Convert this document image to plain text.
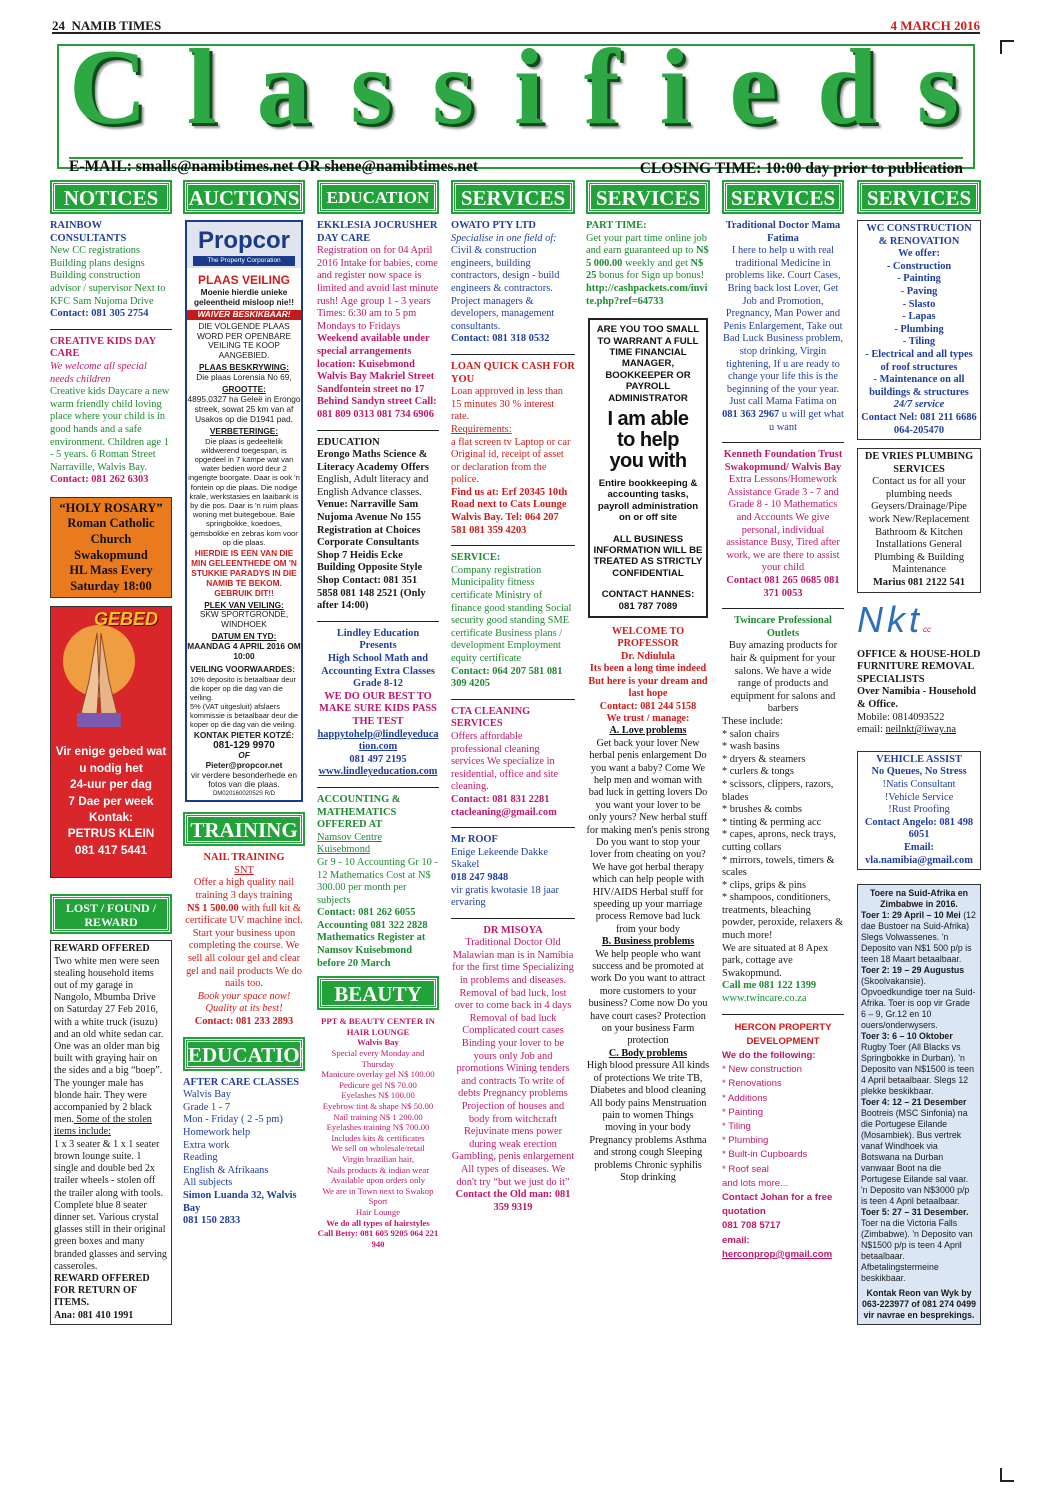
24 NAMIB TIMES	4 MARCH 2016
C l a s s i f i e d s
E-MAIL: smalls@namibtimes.net OR shene@namibtimes.net	CLOSING TIME: 10:00 day prior to publication
NOTICES

RAINBOW CONSULTANTS

New CC registrations Building plans designs Building construction advisor / supervisor Next to KFC Sam Nujoma Drive

Contact: 081 305 2754

CREATIVE KIDS DAY CARE

We welcome all special needs children

Creative kids Daycare a new warm friendly child loving place where your child is in good hands and a safe environment. Children age 1 - 5 years. 6 Roman Street Narraville, Walvis Bay.

Contact: 081 262 6303

“HOLY ROSARY”

Roman Catholic Church

Swakopmund

HL Mass Every

Saturday 18:00

GEBED

Vir enige gebed wat

u nodig het

24-uur per dag

7 Dae per week

Kontak:

PETRUS KLEIN

081 417 5441

LOST / FOUND / REWARD OFFERED

REWARD OFFERED

Two white men were seen stealing household items out of my garage in Nangolo, Mbumba Drive on Saturday 27 Feb 2016, with a white truck (isuzu) and an old white sedan car. One was an older man big built with graying hair on the sides and a big “boep”. The younger male has blonde hair. They were accompanied by 2 black men. Some of the stolen items include:

1 x 3 seater & 1 x 1 seater brown lounge suite. 1 single and double bed 2x trailer wheels - stolen off the trailer along with tools. Complete blue 8 seater dinner set. Various crystal glasses still in their original green boxes and many branded glasses and serving casseroles.

REWARD OFFERED FOR RETURN OF ITEMS.

Ana: 081 410 1991

AUCTIONS

Propcor

The Property Corporation

PLAAS VEILING

Moenie hierdie unieke geleentheid misloop nie!!

WAIVER BESKIKBAAR!

DIE VOLGENDE PLAAS WORD PER OPENBARE VEILING TE KOOP AANGEBIED.

PLAAS BESKRYWING:

Die plaas Lorensia No 69,

GROOTTE:

4895.0327 ha Geleë in Erongo streek, sowat 25 km van af Usakos op die D1941 pad.

VERBETERINGE:

Die plaas is gedeeltelik wildwerend toegespan, is opgedeel in 7 kampe wat van water bedien word deur 2 ingerigte boorgate. Daar is ook 'n fontein op die plaas. Die nodige krale, werkstasies en laaibank is by die pos. Daar is 'n ruim plaas woning met buitegeboue. Baie springbokke, koedoes, gemsbokke en zebras kom voor op die plaas.

HIERDIE IS EEN VAN DIE MIN GELEENTHEDE OM 'N STUKKIE PARADYS IN DIE NAMIB TE BEKOM. GEBRUIK DIT!!

PLEK VAN VEILING:

SKW SPORTGRONDE, WINDHOEK

DATUM EN TYD:

MAANDAG 4 APRIL 2016 OM 10:00

VEILING VOORWAARDES:

10% deposito is betaalbaar deur die koper op die dag van die veiling.

5% (VAT uitgesluit) afslaers kommissie is betaalbaar deur die koper op die dag van die veiling.

KONTAK PIETER KOTZÉ:

081-129 9970

OF

Pieter@propcor.net

vir verdere besonderhede en fotos van die plaas.

DM02016002052S R/D

TRAINING

NAIL TRAINING

SNT

Offer a high quality nail training 3 days training

N$ 1 500.00 with full kit & certificate UV machine incl.

Start your business upon completing the course. We sell all colour gel and clear gel and nail products We do nails too.

Book your space now! Quality at its best!

Contact: 081 233 2893

EDUCATION

AFTER CARE CLASSES

Walvis Bay

Grade 1 - 7

Mon - Friday ( 2 -5 pm)

Homework help

Extra work

Reading

English & Afrikaans

All subjects

Simon Luanda 32, Walvis Bay

081 150 2833

EDUCATION

EKKLESIA JOCRUSHER DAY CARE

Registration on for 04 April 2016 Intake for babies, come and register now space is limited and avoid last minute rush! Age group 1 - 3 years Times: 6:30 am to 5 pm Mondays to Fridays

Weekend available under special arrangements location: Kuisebmond Walvis Bay Makriel Street Sandfontein street no 17 Behind Sandyn street Call: 081 809 0313 081 734 6906

EDUCATION

Erongo Maths Science & Literacy Academy Offers

English, Adult literacy and English Advance classes.

Venue: Narraville Sam Nujoma Avenue No 155 Registration at Choices Corporate Consultants Shop 7 Heidis Ecke Building Opposite Style Shop Contact: 081 351 5858 081 148 2521 (Only after 14:00)

Lindley Education Presents

High School Math and Accounting Extra Classes

Grade 8-12

WE DO OUR BEST TO MAKE SURE KIDS PASS THE TEST

happytohelp@lindleyeducation.com

081 497 2195

www.lindleyeducation.com

ACCOUNTING & MATHEMATICS OFFERED AT

Namsov Centre

Kuisebmond

Gr 9 - 10 Accounting Gr 10 - 12 Mathematics Cost at N$ 300.00 per month per subjects

Contact: 081 262 6055 Accounting 081 322 2828 Mathematics Register at Namsov Kuisebmond before 20 March

BEAUTY

PPT & BEAUTY CENTER IN HAIR LOUNGE

Walvis Bay

Special every Monday and Thursday

Manicure overlay gel N$ 100.00

Pedicure gel N$ 70.00

Eyelashes N$ 100.00

Eyebrow tint & shape N$ 50.00

Nail training N$ 1 200.00

Eyelashes training N$ 700.00

Includes kits & certificates

We sell on wholesale/retail

Virgin brazilian hair,

Nails products & indian wear

Available upon orders only

We are in Town next to Swakop Sport

Hair Lounge

We do all types of hairstyles

Call Betty: 081 605 9205 064 221 940

SERVICES

OWATO PTY LTD

Specialise in one field of:

Civil & construction engineers, building contractors, design - build engineers & contractors. Project managers & developers, management consultants.

Contact: 081 318 0532

LOAN QUICK CASH FOR YOU

Loan approved in less than 15 minutes 30 % interest rate.

Requirements:

a flat screen tv Laptop or car Original id, receipt of asset or declaration from the police.

Find us at: Erf 20345 10th Road next to Cats Lounge Walvis Bay. Tel: 064 207 581 081 359 4203

SERVICE:

Company registration Municipality fitness certificate Ministry of finance good standing Social security good standing SME certificate Business plans / development Employment equity certificate

Contact: 064 207 581 081 309 4205

CTA CLEANING SERVICES

Offers affordable professional cleaning services We specialize in residential, office and site cleaning.

Contact: 081 831 2281 ctacleaning@gmail.com

Mr ROOF

Enige Lekeende Dakke Skakel

018 247 9848

vir gratis kwotasie 18 jaar ervaring

DR MISOYA

Traditional Doctor Old Malawian man is in Namibia for the first time Specializing in problems and diseases. Removal of bad luck, lost over to come back in 4 days Removal of bad luck Complicated court cases Binding your lover to be yours only Job and promotions Wining tenders and contracts To write of debts Pregnancy problems Projection of houses and body from witchcraft Rejuvinate mens power during weak erection Gambling, penis enlargement All types of diseases. We don't try “but we just do it”

Contact the Old man: 081 359 9319

SERVICES

PART TIME:

Get your part time online job and earn guaranteed up to N$ 5 000.00 weekly and get N$ 25 bonus for Sign up bonus!

http://cashpackets.com/invite.php?ref=64733

ARE YOU TOO SMALL TO WARRANT A FULL TIME FINANCIAL MANAGER, BOOKKEEPER OR PAYROLL ADMINISTRATOR

I am able to help you with

Entire bookkeeping & accounting tasks, payroll administration on or off site

ALL BUSINESS INFORMATION WILL BE TREATED AS STRICTLY CONFIDENTIAL

CONTACT HANNES: 081 787 7089

WELCOME TO PROFESSOR

Dr. Ndiulula

Its been a long time indeed

But here is your dream and last hope

Contact: 081 244 5158

We trust / manage:

A. Love problems

Get back your lover New herbal penis enlargement Do you want a baby? Come We help men and woman with bad luck in getting lovers Do you want your lover to be only yours? New herbal stuff for making men's penis strong Do you want to stop your lover from cheating on you? We have got herbal therapy which can help people with HIV/AIDS Herbal stuff for speeding up your marriage process Remove bad luck from your body

B. Business problems

We help people who want success and be promoted at work Do you want to attract more customers to your business? Come now Do you have court cases? Protection on your business Farm protection

C. Body problems

High blood pressure All kinds of protections We trite TB, Diabetes and blood cleaning All body pains Menstruation pain to women Things moving in your body Pregnancy problems Asthma and strong cough Sleeping problems Chronic syphilis Stop drinking

SERVICES

Traditional Doctor Mama Fatima

I here to help u with real traditional Medicine in problems like. Court Cases, Bring back lost Lover, Get Job and Promotion, Pregnancy, Man Power and Penis Enlargement, Take out Bad Luck Business problem, stop drinking, Virgin tightening, If u are ready to change your life this is the beginning of the your year. Just call Mama Fatima on 081 363 2967 u will get what u want

Kenneth Foundation Trust Swakopmund/ Walvis Bay

Extra Lessons/Homework Assistance Grade 3 - 7 and Grade 8 - 10 Mathematics and Accounts We give personal, individual assistance Busy, Tired after work, we are there to assist your child

Contact 081 265 0685 081 371 0053

Twincare Professional Outlets

Buy amazing products for hair & quipment for your salons. We have a wide range of products and equipment for salons and barbers

These include:

* salon chairs

* wash basins

* dryers & steamers

* curlers & tongs

* scissors, clippers, razors, blades

* brushes & combs

* tinting & perming acc

* capes, aprons, neck trays, cutting collars

* mirrors, towels, timers & scales

* clips, grips & pins

* shampoos, conditioners, treatments, bleaching powder, peroxide, relaxers & much more!

We are situated at 8 Apex park, cottage ave Swakopmund.

Call me 081 122 1399

www.twincare.co.za

HERCON PROPERTY DEVELOPMENT

We do the following:

* New construction

* Renovations

* Additions

* Painting

* Tiling

* Plumbing

* Built-in Cupboards

* Roof seal

and lots more...

Contact Johan for a free quotation

081 708 5717

email:

herconprop@gmail.com

SERVICES

WC CONSTRUCTION & RENOVATION

We offer:

- Construction

- Painting

- Paving

- Slasto

- Lapas

- Plumbing

- Tiling

- Electrical and all types of roof structures

- Maintenance on all buildings & structures

24/7 service

Contact Nel: 081 211 6686 064-205470

DE VRIES PLUMBING SERVICES

Contact us for all your plumbing needs Geysers/Drainage/Pipe work New/Replacement Bathroom & Kitchen Installations General Plumbing & Building Maintenance

Marius 081 2122 541

Nktcc

OFFICE & HOUSE-HOLD FURNITURE REMOVAL SPECIALISTS

Over Namibia - Household & Office.

Mobile: 0814093522

email: neilnkt@iway.na

VEHICLE ASSIST

No Queues, No Stress

!Natis Consultant

!Vehicle Service

!Rust Proofing

Contact Angelo: 081 498 6051

Email:

vla.namibia@gmail.com

Toere na Suid-Afrika en Zimbabwe in 2016.

Toer 1: 29 April – 10 Mei (12 dae Bustoer na Suid-Afrika) Slegs Volwassenes. 'n Deposito van N$1 500 p/p is teen 18 Maart betaalbaar.
Toer 2: 19 – 29 Augustus (Skoolvakansie). Opvoedkundige toer na Suid-Afrika. Toer is oop vir Grade 6 – 9, Gr.12 en 10 ouers/onderwysers.
Toer 3: 6 – 10 Oktober Rugby Toer (All Blacks vs Springbokke in Durban). 'n Deposito van N$1500 is teen 4 April betaalbaar. Slegs 12 plekke beskikbaar.
Toer 4: 12 – 21 Desember Bootreis (MSC Sinfonia) na die Portugese Eilande (Mosambiek). Bus vertrek vanaf Windhoek via Botswana na Durban vanwaar Boot na die Portugese Eilande sal vaar. 'n Deposito van N$3000 p/p is teen 4 April betaalbaar.
Toer 5: 27 – 31 Desember. Toer na die Victoria Falls (Zimbabwe). 'n Deposito van N$1500 p/p is teen 4 April betaalbaar. Afbetalingstermeine beskikbaar.

Kontak Reon van Wyk by 063-223977 of 081 274 0499 vir navrae en besprekings.
